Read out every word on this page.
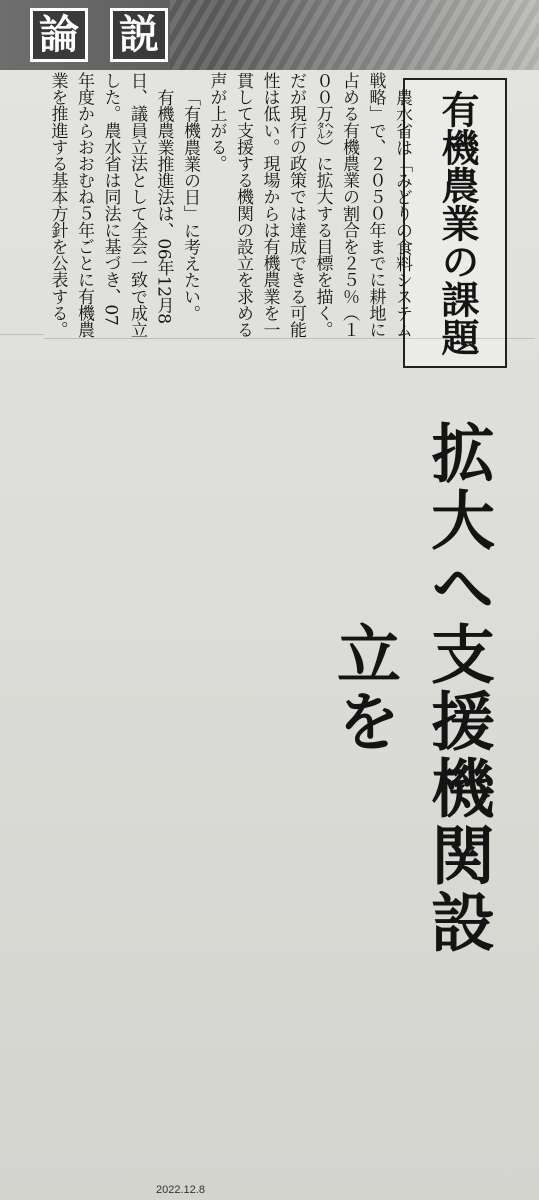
論 説
有機農業の課題
拡大へ支援機関設立を

農水省は「みどりの食料システム戦略」で、２０５０年までに耕地に占める有機農業の割合を２５％（１００万㌶）に拡大する目標を描く。だが現行の政策では達成できる可能性は低い。現場からは有機農業を一貫して支援する機関の設立を求める声が上がる。

「有機農業の日」に考えたい。

有機農業推進法は、06年12月8日、議員立法として全会一致で成立した。農水省は同法に基づき、07年度からおおむね５年ごとに有機農業を推進する基本方針を公表する。

2022.12.8
